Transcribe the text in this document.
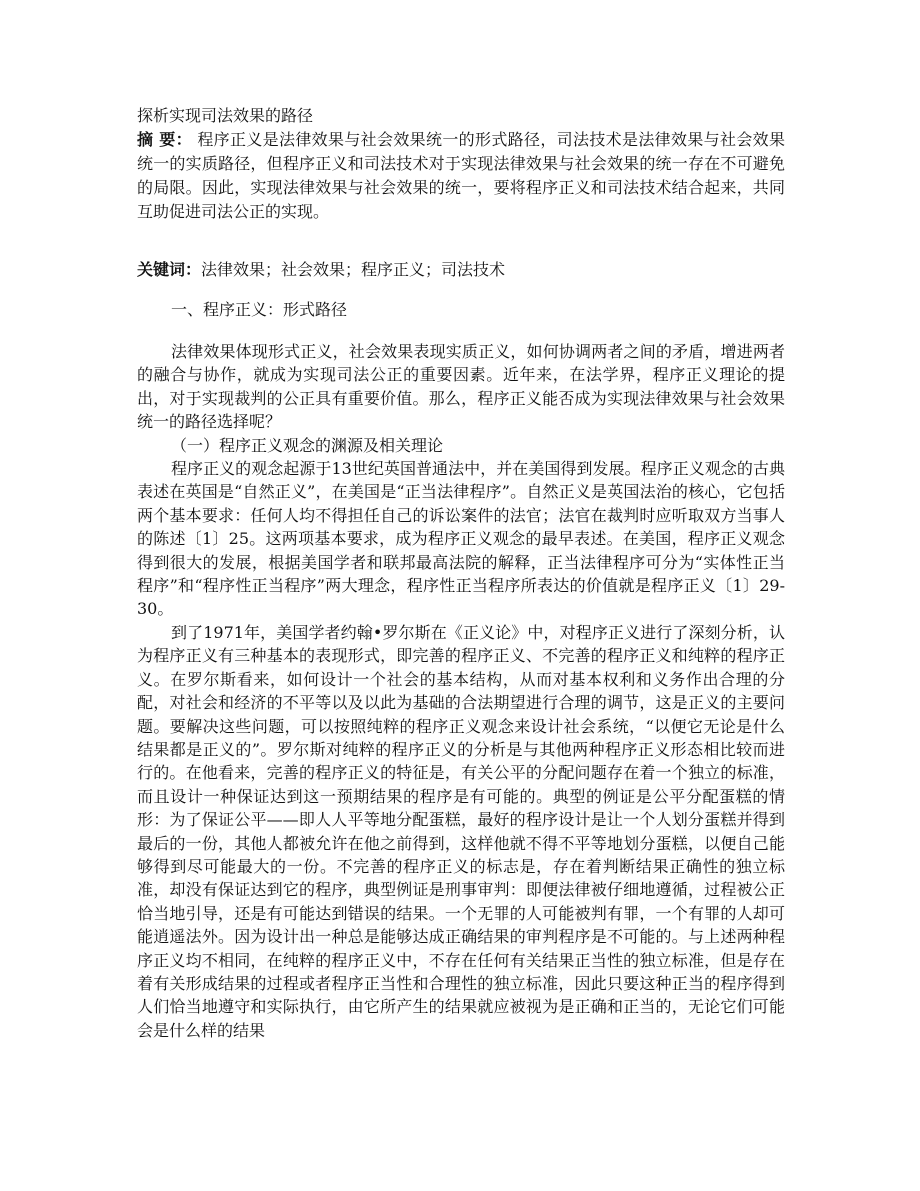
探析实现司法效果的路径

摘 要： 程序正义是法律效果与社会效果统一的形式路径，司法技术是法律效果与社会效果统一的实质路径，但程序正义和司法技术对于实现法律效果与社会效果的统一存在不可避免的局限。因此，实现法律效果与社会效果的统一，要将程序正义和司法技术结合起来，共同互助促进司法公正的实现。

关键词：法律效果；社会效果；程序正义；司法技术

一、程序正义：形式路径

法律效果体现形式正义，社会效果表现实质正义，如何协调两者之间的矛盾，增进两者的融合与协作，就成为实现司法公正的重要因素。近年来，在法学界，程序正义理论的提出，对于实现裁判的公正具有重要价值。那么，程序正义能否成为实现法律效果与社会效果统一的路径选择呢？

（一）程序正义观念的渊源及相关理论

程序正义的观念起源于13世纪英国普通法中，并在美国得到发展。程序正义观念的古典表述在英国是“自然正义”，在美国是“正当法律程序”。自然正义是英国法治的核心，它包括两个基本要求：任何人均不得担任自己的诉讼案件的法官；法官在裁判时应听取双方当事人的陈述〔1〕25。这两项基本要求，成为程序正义观念的最早表述。在美国，程序正义观念得到很大的发展，根据美国学者和联邦最高法院的解释，正当法律程序可分为“实体性正当程序”和“程序性正当程序”两大理念，程序性正当程序所表达的价值就是程序正义〔1〕29-30。

到了1971年，美国学者约翰•罗尔斯在《正义论》中，对程序正义进行了深刻分析，认为程序正义有三种基本的表现形式，即完善的程序正义、不完善的程序正义和纯粹的程序正义。在罗尔斯看来，如何设计一个社会的基本结构，从而对基本权利和义务作出合理的分配，对社会和经济的不平等以及以此为基础的合法期望进行合理的调节，这是正义的主要问题。要解决这些问题，可以按照纯粹的程序正义观念来设计社会系统，“以便它无论是什么结果都是正义的”。罗尔斯对纯粹的程序正义的分析是与其他两种程序正义形态相比较而进行的。在他看来，完善的程序正义的特征是，有关公平的分配问题存在着一个独立的标准，而且设计一种保证达到这一预期结果的程序是有可能的。典型的例证是公平分配蛋糕的情形：为了保证公平——即人人平等地分配蛋糕，最好的程序设计是让一个人划分蛋糕并得到最后的一份，其他人都被允许在他之前得到，这样他就不得不平等地划分蛋糕，以便自己能够得到尽可能最大的一份。不完善的程序正义的标志是，存在着判断结果正确性的独立标准，却没有保证达到它的程序，典型例证是刑事审判：即便法律被仔细地遵循，过程被公正恰当地引导，还是有可能达到错误的结果。一个无罪的人可能被判有罪，一个有罪的人却可能逍遥法外。因为设计出一种总是能够达成正确结果的审判程序是不可能的。与上述两种程序正义均不相同，在纯粹的程序正义中，不存在任何有关结果正当性的独立标准，但是存在着有关形成结果的过程或者程序正当性和合理性的独立标准，因此只要这种正当的程序得到人们恰当地遵守和实际执行，由它所产生的结果就应被视为是正确和正当的，无论它们可能会是什么样的结果
